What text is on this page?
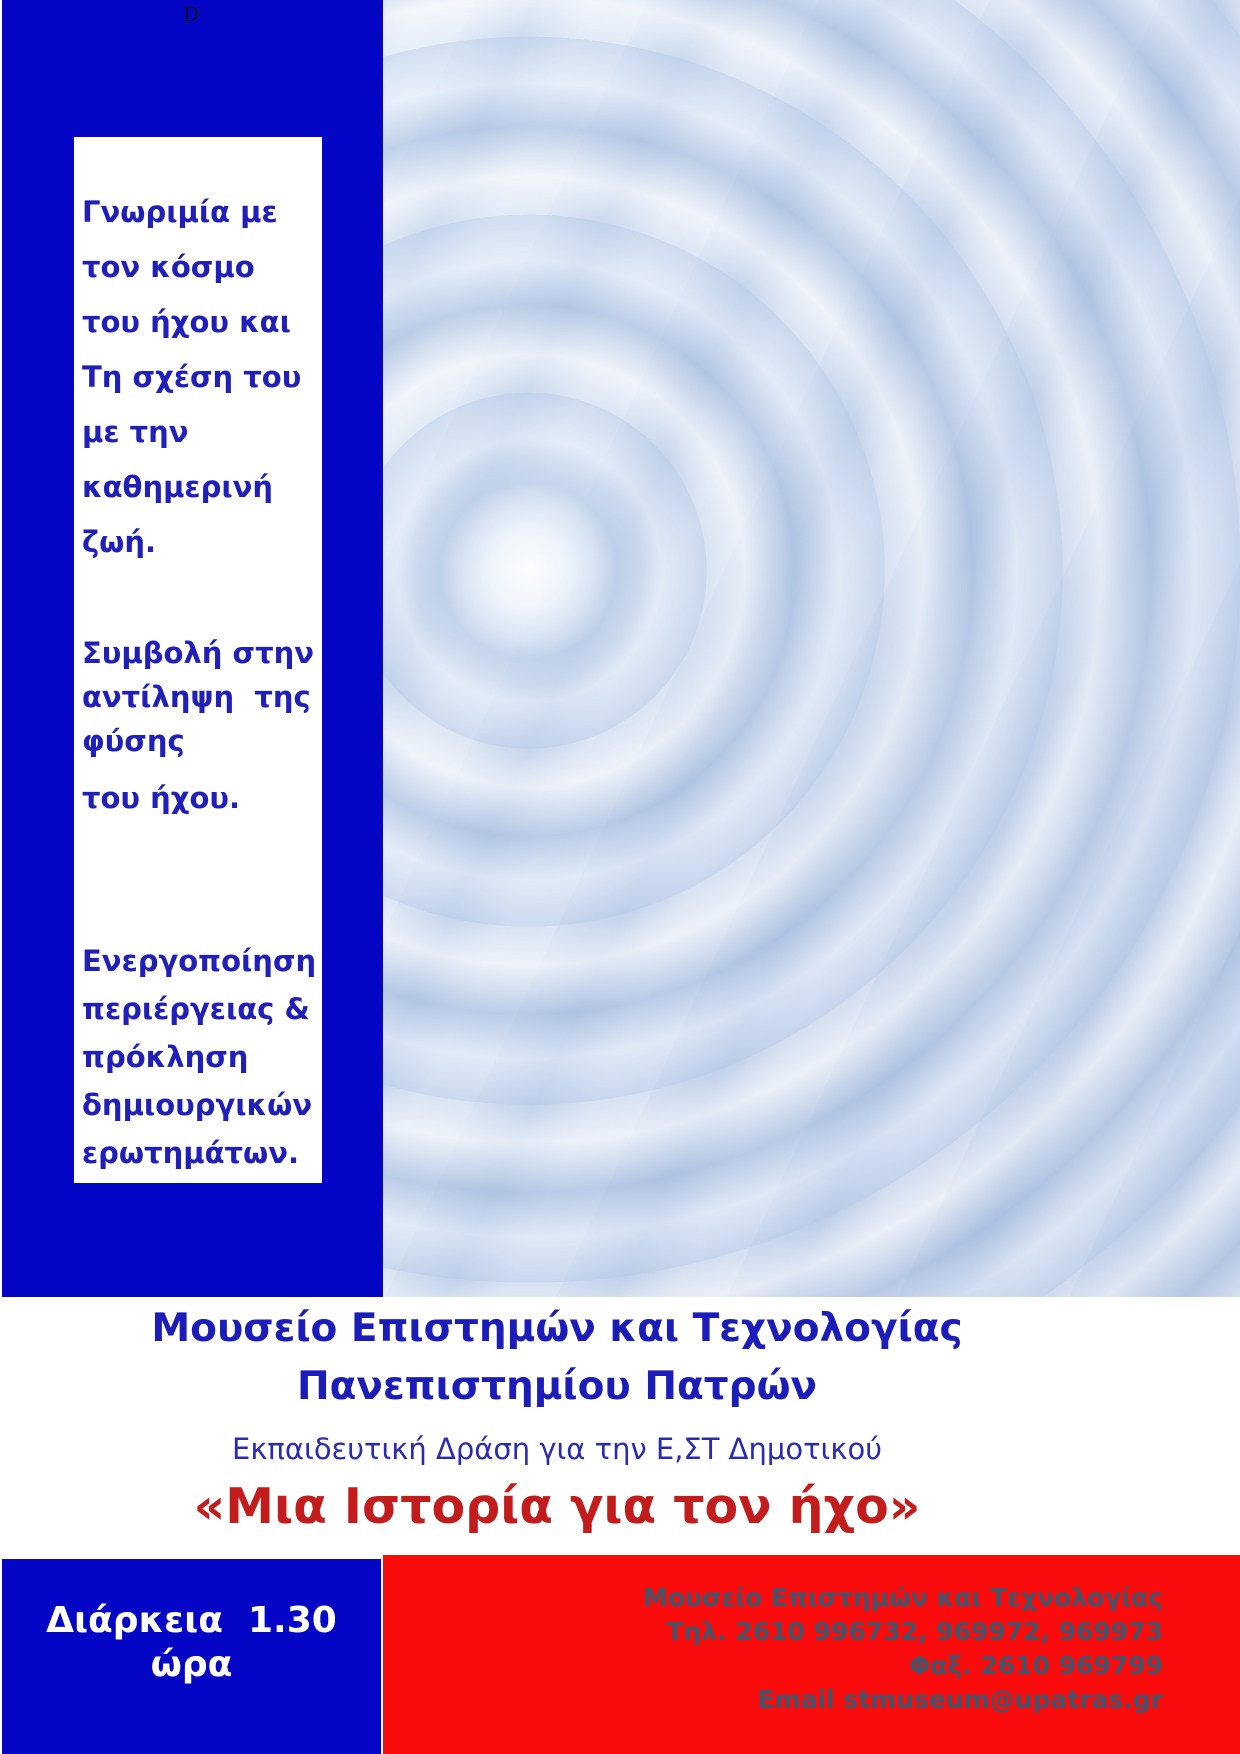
D
Γνωριμία με
τον κόσμο
του ήχου και
Τη σχέση του
με την
καθημερινή
ζωή.
Συμβολή στην
αντίληψη  της
φύσης
του ήχου.
Ενεργοποίηση
περιέργειας &
πρόκληση
δημιουργικών
ερωτημάτων.
Μουσείο Επιστημών και Τεχνολογίας
Πανεπιστημίου Πατρών
Εκπαιδευτική Δράση για την Ε,ΣΤ Δημοτικού
«Μια Ιστορία για τον ήχο»
Διάρκεια  1.30 ώρα
Μουσείο Επιστημών και Τεχνολογίας
Τηλ. 2610 996732, 969972, 969973
Φαξ. 2610 969799
Email stmuseum@upatras.gr
